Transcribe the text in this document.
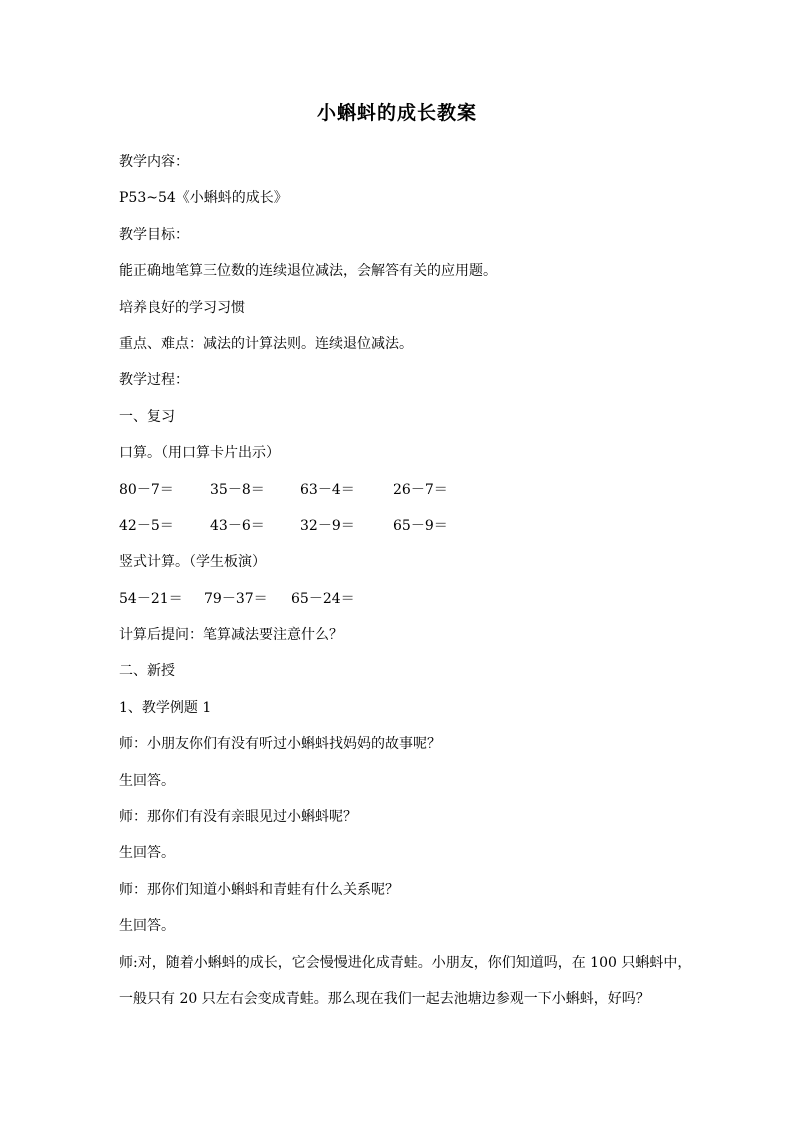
小蝌蚪的成长教案

教学内容：

P53~54《小蝌蚪的成长》

教学目标：

能正确地笔算三位数的连续退位减法，会解答有关的应用题。

培养良好的学习习惯

重点、难点：减法的计算法则。连续退位减法。

教学过程：

一、复习

口算。（用口算卡片出示）

80－7＝	35－8＝	63－4＝	26－7＝
42－5＝	43－6＝	32－9＝	65－9＝

竖式计算。（学生板演）

54－21＝	79－37＝	65－24＝

计算后提问：笔算减法要注意什么？

二、新授

1、教学例题 1

师：小朋友你们有没有听过小蝌蚪找妈妈的故事呢？

生回答。

师：那你们有没有亲眼见过小蝌蚪呢？

生回答。

师：那你们知道小蝌蚪和青蛙有什么关系呢？

生回答。

师:对，随着小蝌蚪的成长，它会慢慢进化成青蛙。小朋友，你们知道吗，在 100 只蝌蚪中，

一般只有 20 只左右会变成青蛙。那么现在我们一起去池塘边参观一下小蝌蚪，好吗？
